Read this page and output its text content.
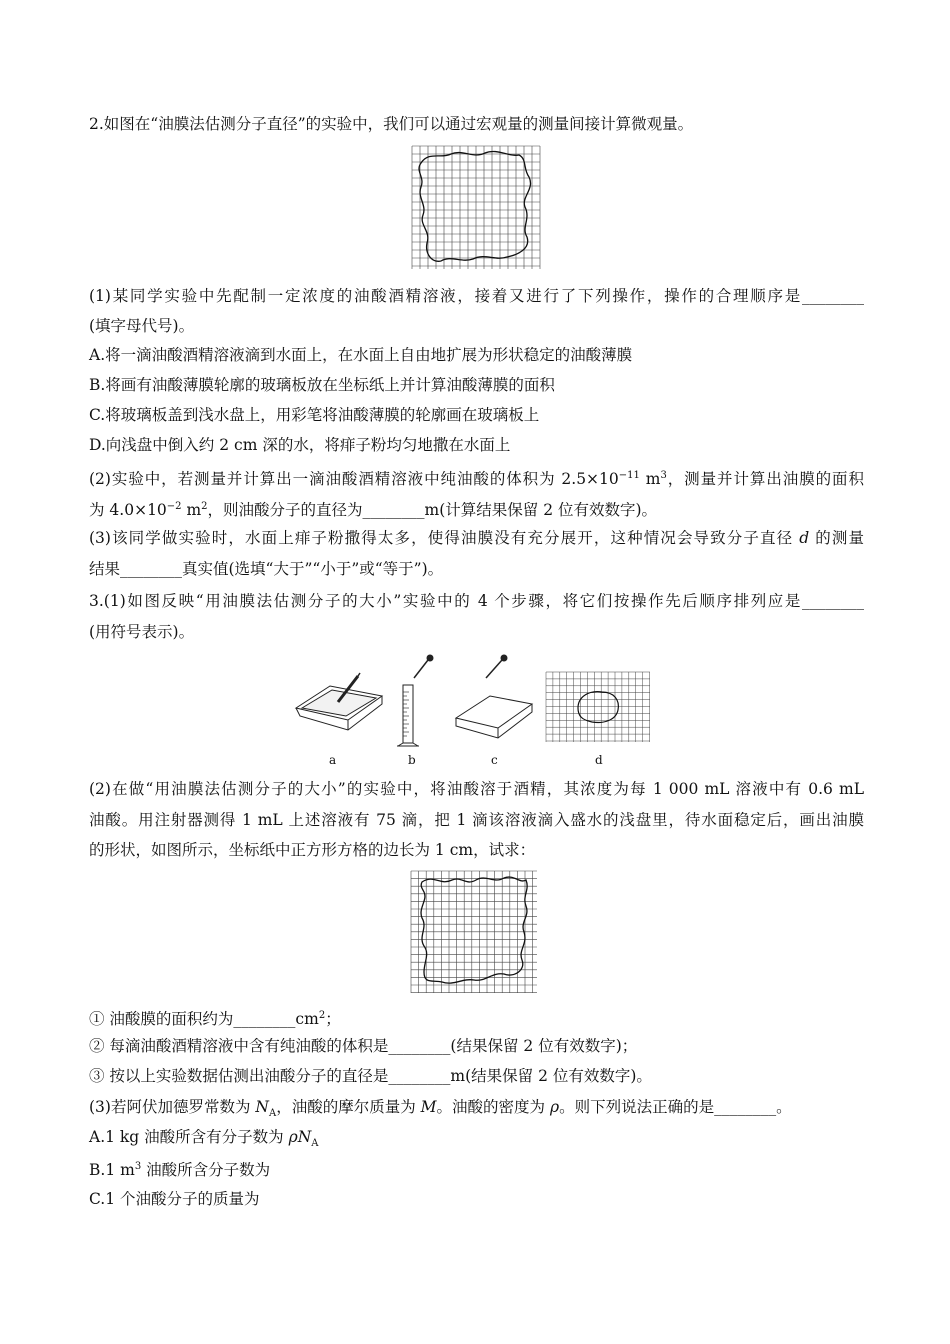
2.如图在“油膜法估测分子直径”的实验中，我们可以通过宏观量的测量间接计算微观量。
(1)某同学实验中先配制一定浓度的油酸酒精溶液，接着又进行了下列操作，操作的合理顺序是________
(填字母代号)。
A.将一滴油酸酒精溶液滴到水面上，在水面上自由地扩展为形状稳定的油酸薄膜
B.将画有油酸薄膜轮廓的玻璃板放在坐标纸上并计算油酸薄膜的面积
C.将玻璃板盖到浅水盘上，用彩笔将油酸薄膜的轮廓画在玻璃板上
D.向浅盘中倒入约 2 cm 深的水，将痱子粉均匀地撒在水面上
(2)实验中，若测量并计算出一滴油酸酒精溶液中纯油酸的体积为 $2.5\times 10^{-11}$ $m^3$，测量并计算出油膜的面积
为 $4.0\times 10^{-2}$ $m^2$，则油酸分子的直径为________m(计算结果保留 2 位有效数字)。
(3)该同学做实验时，水面上痱子粉撒得太多，使得油膜没有充分展开，这种情况会导致分子直径 d 的测量
结果________真实值(选填“大于”“小于”或“等于”)。
3.(1)如图反映“用油膜法估测分子的大小”实验中的 4 个步骤，将它们按操作先后顺序排列应是________
(用符号表示)。
a	b	c	d
(2)在做“用油膜法估测分子的大小”的实验中，将油酸溶于酒精，其浓度为每 1 000 mL 溶液中有 0.6 mL
油酸。用注射器测得 1 mL 上述溶液有 75 滴，把 1 滴该溶液滴入盛水的浅盘里，待水面稳定后，画出油膜
的形状，如图所示，坐标纸中正方形方格的边长为 1 cm，试求：
① 油酸膜的面积约为$\_\_\_\_\_\_\_\_cm^2$；
② 每滴油酸酒精溶液中含有纯油酸的体积是________(结果保留 2 位有效数字)；
③ 按以上实验数据估测出油酸分子的直径是________m(结果保留 2 位有效数字)。
(3)若阿伏加德罗常数为 $N_A$，油酸的摩尔质量为 M。油酸的密度为 ρ。则下列说法正确的是________。
A.1 kg 油酸所含有分子数为 $\rho N_A$
B.1 $m^3$ 油酸所含分子数为
C.1 个油酸分子的质量为
